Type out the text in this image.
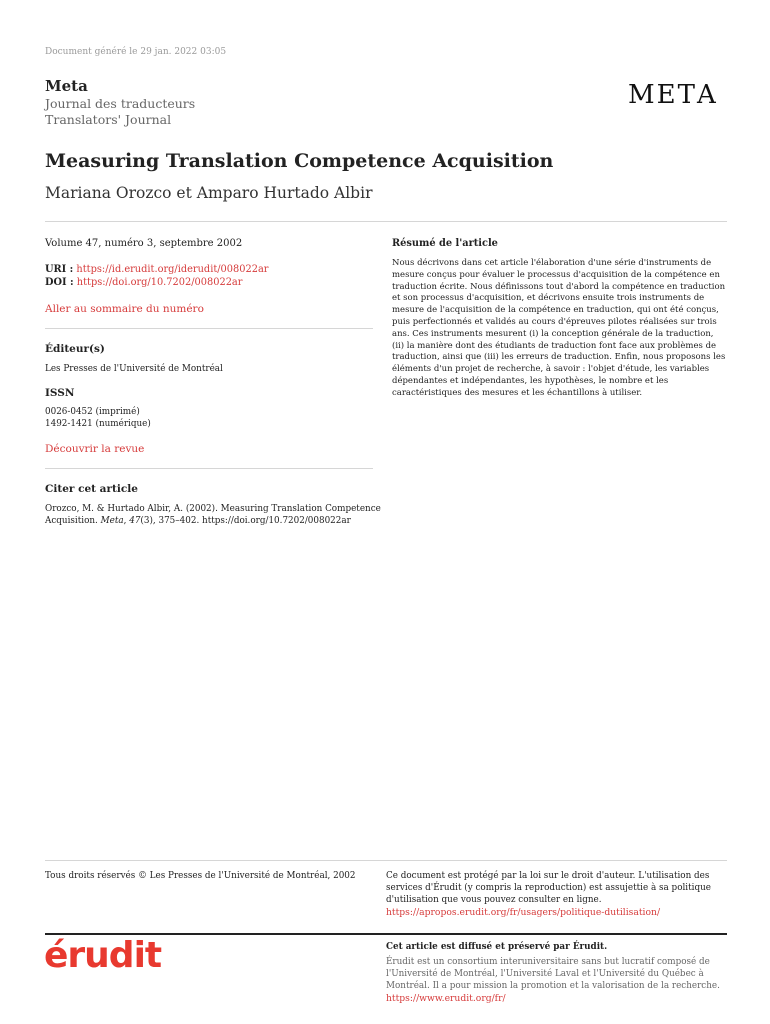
Document généré le 29 jan. 2022 03:05
Meta
Journal des traducteurs
Translators' Journal
ΜΕΤΑ
Measuring Translation Competence Acquisition
Mariana Orozco et Amparo Hurtado Albir
Volume 47, numéro 3, septembre 2002
URI : https://id.erudit.org/iderudit/008022ar
DOI : https://doi.org/10.7202/008022ar
Aller au sommaire du numéro
Éditeur(s)
Les Presses de l'Université de Montréal
ISSN
0026-0452 (imprimé)
1492-1421 (numérique)
Découvrir la revue
Citer cet article
Orozco, M. & Hurtado Albir, A. (2002). Measuring Translation Competence
Acquisition. Meta, 47(3), 375–402. https://doi.org/10.7202/008022ar
Résumé de l'article
Nous décrivons dans cet article l'élaboration d'une série d'instruments de mesure conçus pour évaluer le processus d'acquisition de la compétence en traduction écrite. Nous définissons tout d'abord la compétence en traduction et son processus d'acquisition, et décrivons ensuite trois instruments de mesure de l'acquisition de la compétence en traduction, qui ont été conçus, puis perfectionnés et validés au cours d'épreuves pilotes réalisées sur trois ans. Ces instruments mesurent (i) la conception générale de la traduction, (ii) la manière dont des étudiants de traduction font face aux problèmes de traduction, ainsi que (iii) les erreurs de traduction. Enfin, nous proposons les éléments d'un projet de recherche, à savoir : l'objet d'étude, les variables dépendantes et indépendantes, les hypothèses, le nombre et les caractéristiques des mesures et les échantillons à utiliser.
Tous droits réservés © Les Presses de l'Université de Montréal, 2002	Ce document est protégé par la loi sur le droit d'auteur. L'utilisation des
services d'Érudit (y compris la reproduction) est assujettie à sa politique
d'utilisation que vous pouvez consulter en ligne.
https://apropos.erudit.org/fr/usagers/politique-dutilisation/
érudit	Cet article est diffusé et préservé par Érudit.
Érudit est un consortium interuniversitaire sans but lucratif composé de
l'Université de Montréal, l'Université Laval et l'Université du Québec à
Montréal. Il a pour mission la promotion et la valorisation de la recherche.
https://www.erudit.org/fr/
